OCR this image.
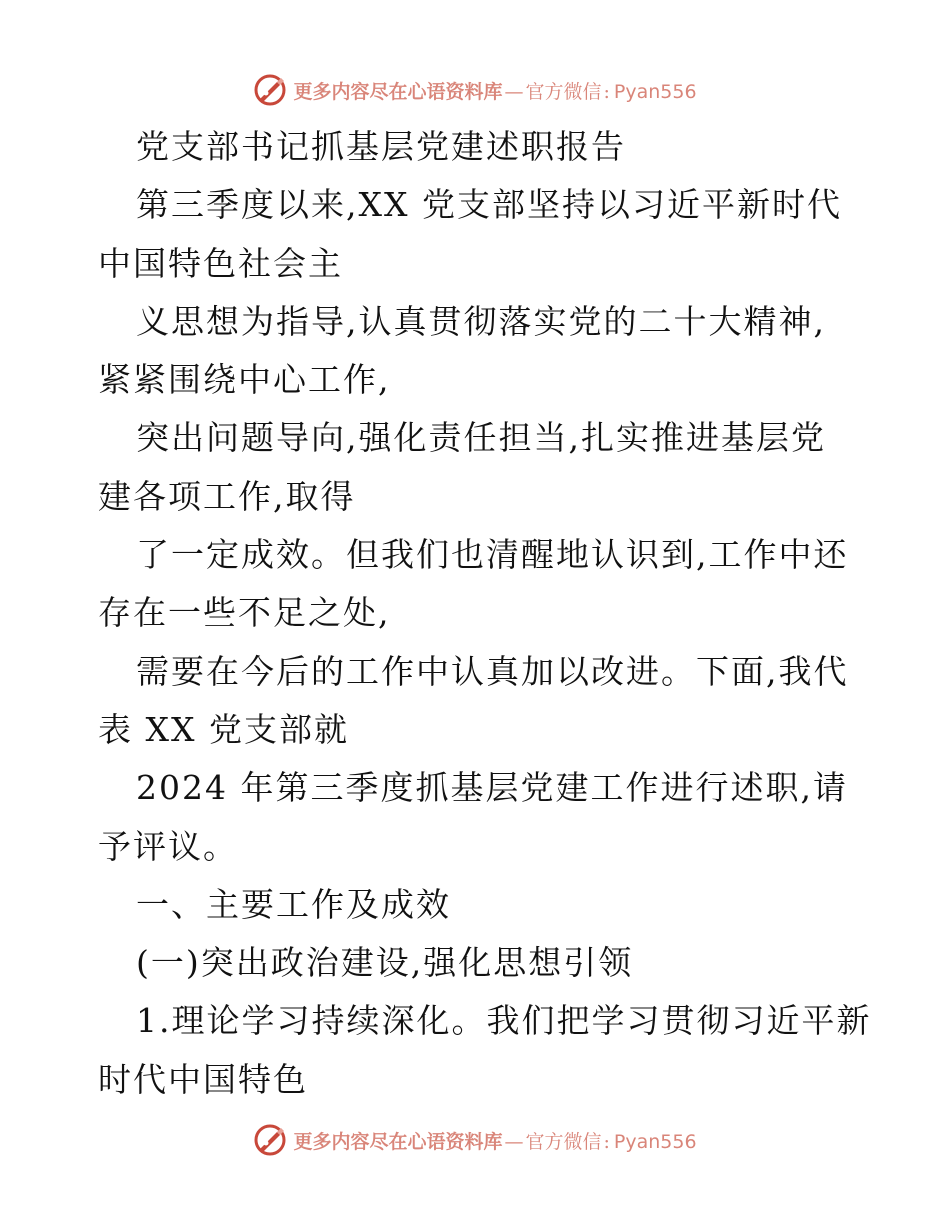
更多内容尽在心语资料库 — 官方微信 : Pyan556
党支部书记抓基层党建述职报告
第三季度以来,XX 党支部坚持以习近平新时代
中国特色社会主
义思想为指导,认真贯彻落实党的二十大精神,
紧紧围绕中心工作,
突出问题导向,强化责任担当,扎实推进基层党
建各项工作,取得
了一定成效。但我们也清醒地认识到,工作中还
存在一些不足之处,
需要在今后的工作中认真加以改进。下面,我代
表 XX 党支部就
2024 年第三季度抓基层党建工作进行述职,请
予评议。
一、主要工作及成效
(一)突出政治建设,强化思想引领
1.理论学习持续深化。我们把学习贯彻习近平新
时代中国特色
更多内容尽在心语资料库 — 官方微信 : Pyan556
